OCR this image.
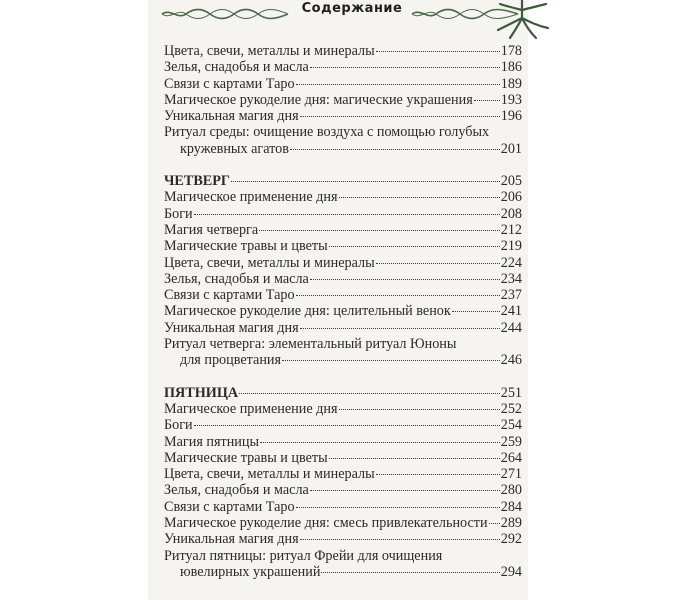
Содержание
Цвета, свечи, металлы и минералы	178
Зелья, снадобья и масла	186
Связи с картами Таро	189
Магическое рукоделие дня: магические украшения 193
Уникальная магия дня	196
Ритуал среды: очищение воздуха с помощью голубых
кружевных агатов	201
ЧЕТВЕРГ	205
Магическое применение дня	206
Боги	208
Магия четверга	212
Магические травы и цветы	219
Цвета, свечи, металлы и минералы	224
Зелья, снадобья и масла	234
Связи с картами Таро	237
Магическое рукоделие дня: целительный венок	241
Уникальная магия дня	244
Ритуал четверга: элементальный ритуал Юноны
для процветания	246
ПЯТНИЦА	251
Магическое применение дня	252
Боги	254
Магия пятницы	259
Магические травы и цветы	264
Цвета, свечи, металлы и минералы	271
Зелья, снадобья и масла	280
Связи с картами Таро	284
Магическое рукоделие дня: смесь привлекательности 289
Уникальная магия дня	292
Ритуал пятницы: ритуал Фрейи для очищения
ювелирных украшений	294
